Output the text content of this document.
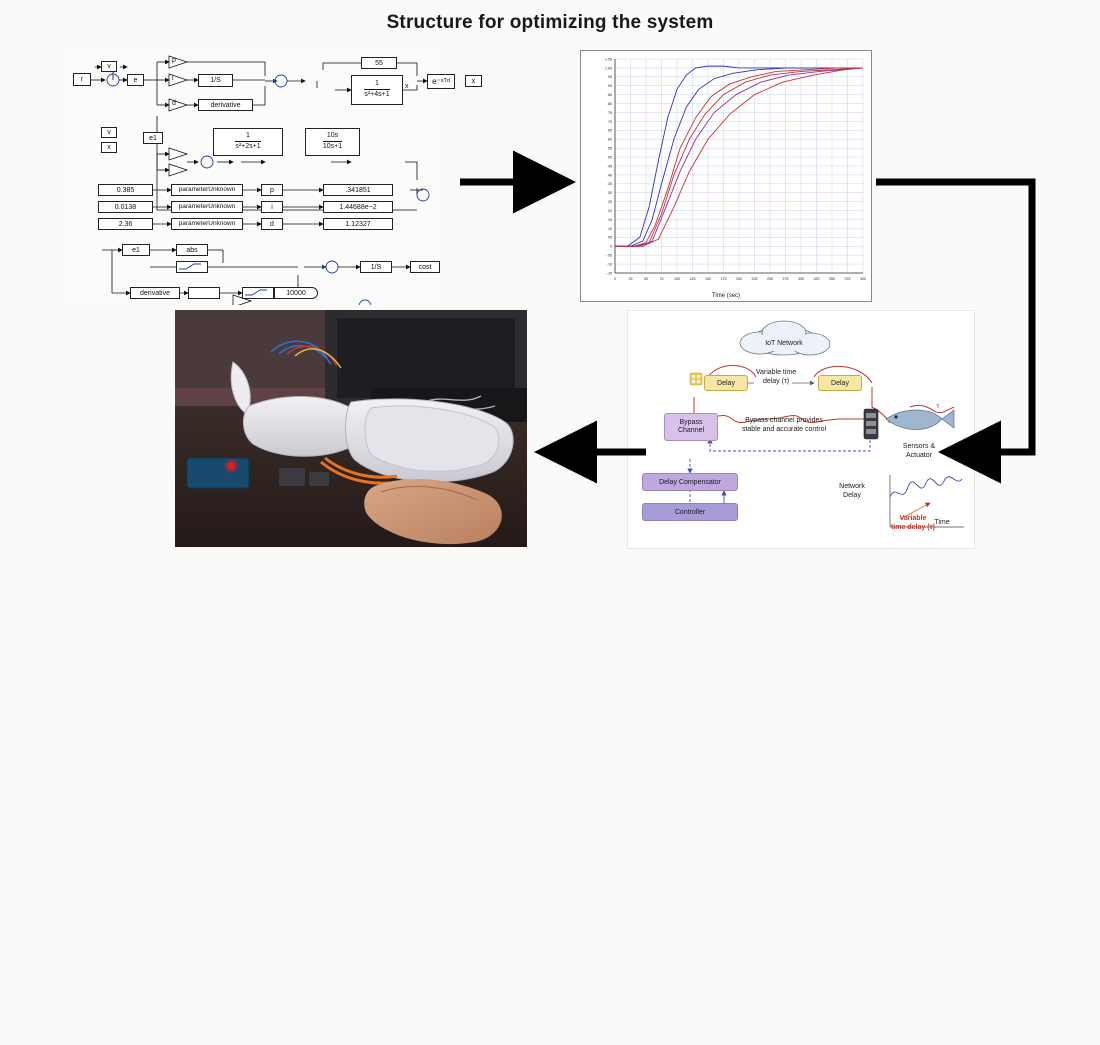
Structure for optimizing the system
r
v
e
p
i
d
1/S
derivative
55
$\frac{1}{\text{s²+4s+1}}$	e⁻ˢᵀᵈ	x
x
v
x
e1	$\frac{1}{\text{s²+2s+1}}$	$\frac{10s}{10s+1}$
0.385	parameterUnknown	p	.341851
0.0138	parameterUnknown	i	1.44688e−2
2.36	parameterUnknown	d	1.12327
e1	abs
derivative	10000
1/S	cost
0	25	50	75	100	125	150	175	200	225	250	275	300	325	350	375	400
1.05
1.00
.95
.90
.85
.80
.75
.70
.65
.60
.55
.50
.45
.40
.35
.30
.25
.20
.15
.10
.05
0
-.05
-.10
-.15
Time (sec)
IoT Network
Delay	Delay
Variable time
delay (τ)
Bypass
Channel
Bypass channel provides
stable and accurate control
Delay Compensator
Controller
Sensors &
Actuator
Network
Delay
Time
Variable
time delay (τ)
τ
